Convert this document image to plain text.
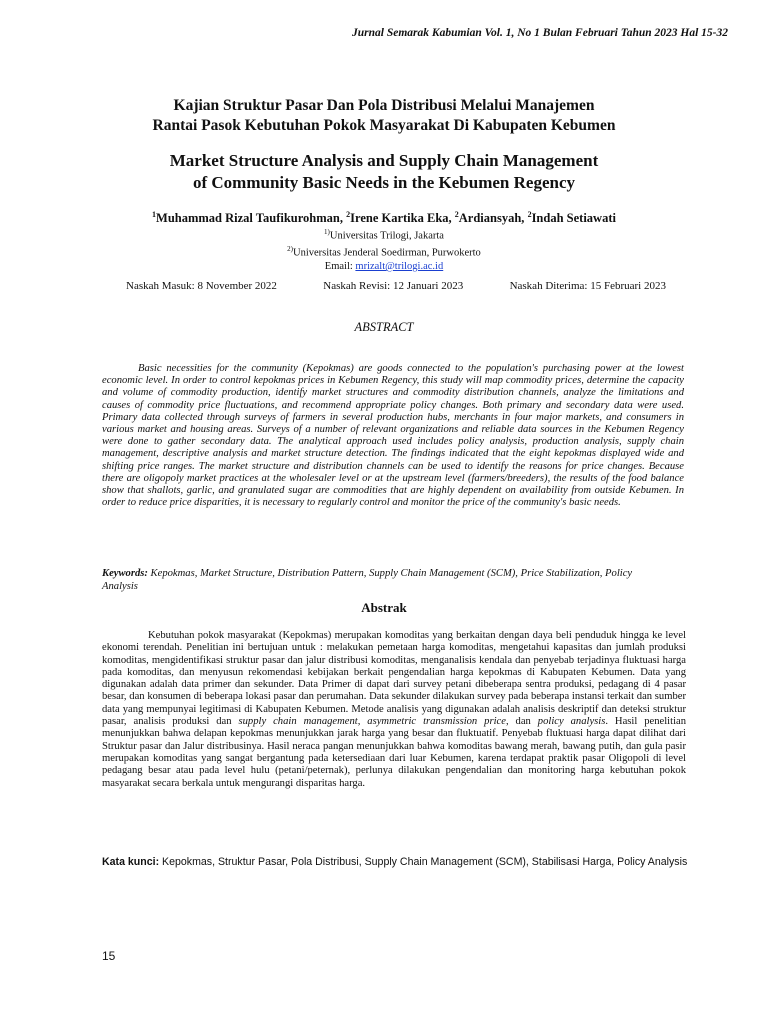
Jurnal Semarak Kabumian Vol. 1, No 1 Bulan Februari Tahun 2023 Hal 15-32
Kajian Struktur Pasar Dan Pola Distribusi Melalui Manajemen
Rantai Pasok Kebutuhan Pokok Masyarakat Di Kabupaten Kebumen
Market Structure Analysis and Supply Chain Management
of Community Basic Needs in the Kebumen Regency
$^1$Muhammad Rizal Taufikurohman, $^2$Irene Kartika Eka, $^2$Ardiansyah, $^2$Indah Setiawati
$^{1)}$Universitas Trilogi, Jakarta
$^{2)}$Universitas Jenderal Soedirman, Purwokerto
Email: mrizalt@trilogi.ac.id
Naskah Masuk: 8 November 2022	Naskah Revisi: 12 Januari 2023	Naskah Diterima: 15 Februari 2023
ABSTRACT
Basic necessities for the community (Kepokmas) are goods connected to the population's purchasing power at the lowest economic level. In order to control kepokmas prices in Kebumen Regency, this study will map commodity prices, determine the capacity and volume of commodity production, identify market structures and commodity distribution channels, analyze the limitations and causes of commodity price fluctuations, and recommend appropriate policy changes. Both primary and secondary data were used. Primary data collected through surveys of farmers in several production hubs, merchants in four major markets, and consumers in various market and housing areas. Surveys of a number of relevant organizations and reliable data sources in the Kebumen Regency were done to gather secondary data. The analytical approach used includes policy analysis, production analysis, supply chain management, descriptive analysis and market structure detection. The findings indicated that the eight kepokmas displayed wide and shifting price ranges. The market structure and distribution channels can be used to identify the reasons for price changes. Because there are oligopoly market practices at the wholesaler level or at the upstream level (farmers/breeders), the results of the food balance show that shallots, garlic, and granulated sugar are commodities that are highly dependent on availability from outside Kebumen. In order to reduce price disparities, it is necessary to regularly control and monitor the price of the community's basic needs.
Keywords: Kepokmas, Market Structure, Distribution Pattern, Supply Chain Management (SCM), Price Stabilization, Policy Analysis
Abstrak
Kebutuhan pokok masyarakat (Kepokmas) merupakan komoditas yang berkaitan dengan daya beli penduduk hingga ke level ekonomi terendah. Penelitian ini bertujuan untuk : melakukan pemetaan harga komoditas, mengetahui kapasitas dan jumlah produksi komoditas, mengidentifikasi struktur pasar dan jalur distribusi komoditas, menganalisis kendala dan penyebab terjadinya fluktuasi harga pada komoditas, dan menyusun rekomendasi kebijakan berkait pengendalian harga kepokmas di Kabupaten Kebumen. Data yang digunakan adalah data primer dan sekunder. Data Primer di dapat dari survey petani dibeberapa sentra produksi, pedagang di 4 pasar besar, dan konsumen di beberapa lokasi pasar dan perumahan. Data sekunder dilakukan survey pada beberapa instansi terkait dan sumber data yang mempunyai legitimasi di Kabupaten Kebumen. Metode analisis yang digunakan adalah analisis deskriptif dan deteksi struktur pasar, analisis produksi dan supply chain management, asymmetric transmission price, dan policy analysis. Hasil penelitian menunjukkan bahwa delapan kepokmas menunjukkan jarak harga yang besar dan fluktuatif. Penyebab fluktuasi harga dapat dilihat dari Struktur pasar dan Jalur distribusinya. Hasil neraca pangan menunjukkan bahwa komoditas bawang merah, bawang putih, dan gula pasir merupakan komoditas yang sangat bergantung pada ketersediaan dari luar Kebumen, karena terdapat praktik pasar Oligopoli di level pedagang besar atau pada level hulu (petani/peternak), perlunya dilakukan pengendalian dan monitoring harga kebutuhan pokok masyarakat secara berkala untuk mengurangi disparitas harga.
Kata kunci: Kepokmas, Struktur Pasar, Pola Distribusi, Supply Chain Management (SCM), Stabilisasi Harga, Policy Analysis
15
